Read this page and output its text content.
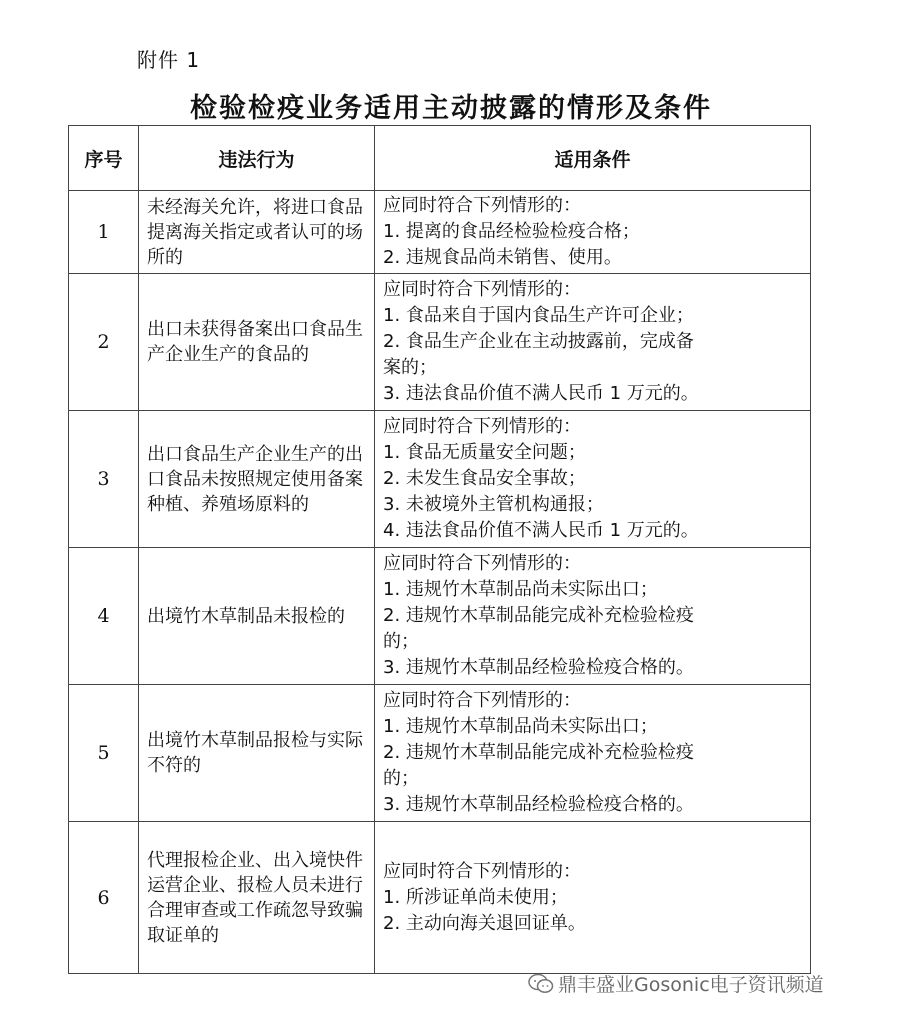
附件 1
检验检疫业务适用主动披露的情形及条件
序号	违法行为	适用条件
1	未经海关允许，将进口食品提离海关指定或者认可的场所的	应同时符合下列情形的：
1. 提离的食品经检验检疫合格；
2. 违规食品尚未销售、使用。

2	出口未获得备案出口食品生产企业生产的食品的	应同时符合下列情形的：
1. 食品来自于国内食品生产许可企业；
2. 食品生产企业在主动披露前，完成备
案的；
3. 违法食品价值不满人民币 1 万元的。

3	出口食品生产企业生产的出口食品未按照规定使用备案种植、养殖场原料的	应同时符合下列情形的：
1. 食品无质量安全问题；
2. 未发生食品安全事故；
3. 未被境外主管机构通报；
4. 违法食品价值不满人民币 1 万元的。

4	出境竹木草制品未报检的	应同时符合下列情形的：
1. 违规竹木草制品尚未实际出口；
2. 违规竹木草制品能完成补充检验检疫
的；
3. 违规竹木草制品经检验检疫合格的。

5	出境竹木草制品报检与实际不符的	应同时符合下列情形的：
1. 违规竹木草制品尚未实际出口；
2. 违规竹木草制品能完成补充检验检疫
的；
3. 违规竹木草制品经检验检疫合格的。

6	代理报检企业、出入境快件运营企业、报检人员未进行合理审查或工作疏忽导致骗取证单的	应同时符合下列情形的：
1. 所涉证单尚未使用；
2. 主动向海关退回证单。
鼎丰盛业Gosonic电子资讯频道
